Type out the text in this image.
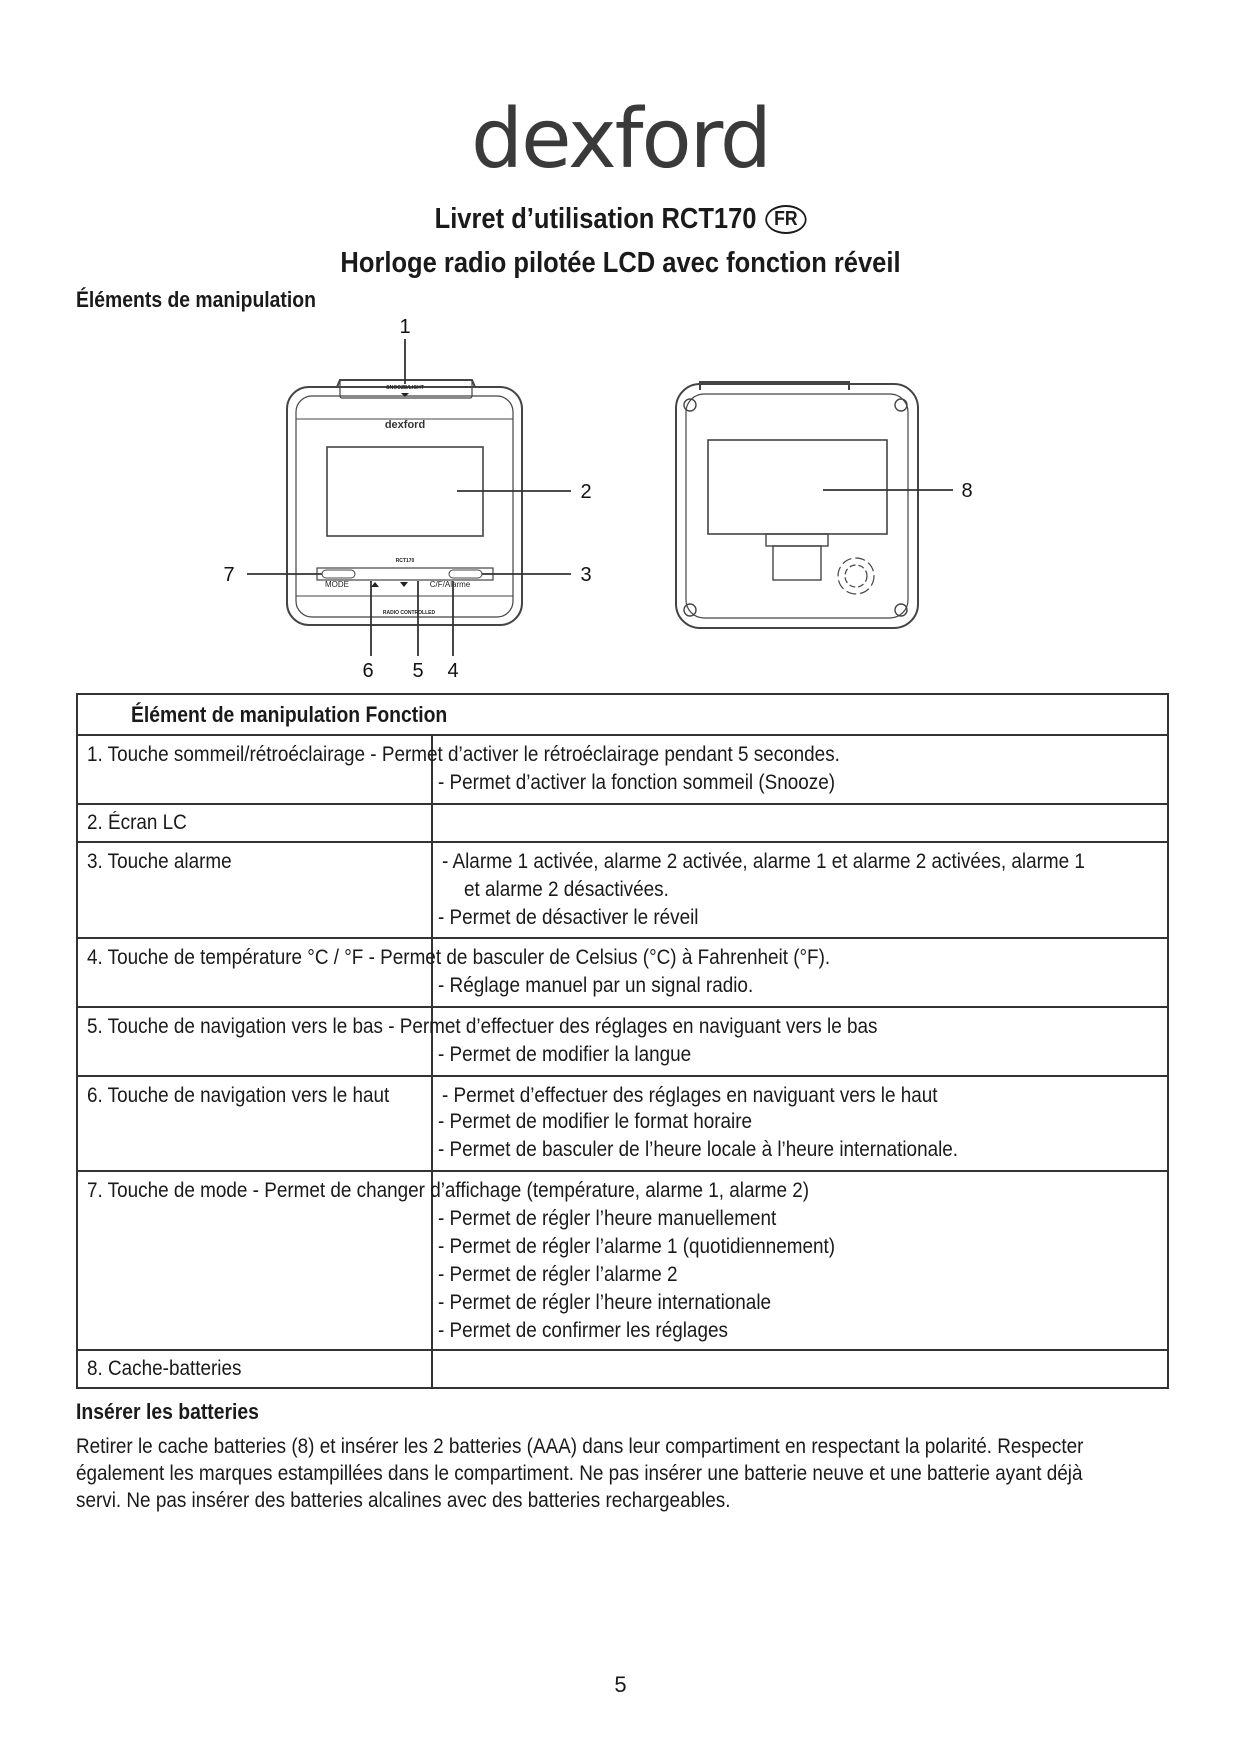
dexford
Livret d’utilisation RCT170 FR
Horloge radio pilotée LCD avec fonction réveil
Éléments de manipulation
SNOOZE/LIGHT
dexford
RCT170
MODE	C/F/Alarme
RADIO CONTROLLED
1
2
3
4
5
6
7
8
Élément de manipulation Fonction	

1. Touche sommeil/rétroéclairage - Permet d’activer le rétroéclairage pendant 5 secondes.	- Permet d’activer la fonction sommeil (Snooze)

2. Écran LC	

3. Touche alarme	- Alarme 1 activée, alarme 2 activée, alarme 1 et alarme 2 activées, alarme 1
et alarme 2 désactivées.
- Permet de désactiver le réveil

4. Touche de température °C / °F - Permet de basculer de Celsius (°C) à Fahrenheit (°F).	- Réglage manuel par un signal radio.

5. Touche de navigation vers le bas - Permet d’effectuer des réglages en naviguant vers le bas	- Permet de modifier la langue

6. Touche de navigation vers le haut	- Permet d’effectuer des réglages en naviguant vers le haut
- Permet de modifier le format horaire
- Permet de basculer de l’heure locale à l’heure internationale.

7. Touche de mode - Permet de changer d’affichage (température, alarme 1, alarme 2)	- Permet de régler l’heure manuellement
- Permet de régler l’alarme 1 (quotidiennement)
- Permet de régler l’alarme 2
- Permet de régler l’heure internationale
- Permet de confirmer les réglages

8. Cache-batteries	

Insérer les batteries
Retirer le cache batteries (8) et insérer les 2 batteries (AAA) dans leur compartiment en respectant la polarité. Respecter également les marques estampillées dans le compartiment. Ne pas insérer une batterie neuve et une batterie ayant déjà servi. Ne pas insérer des batteries alcalines avec des batteries rechargeables.
5
